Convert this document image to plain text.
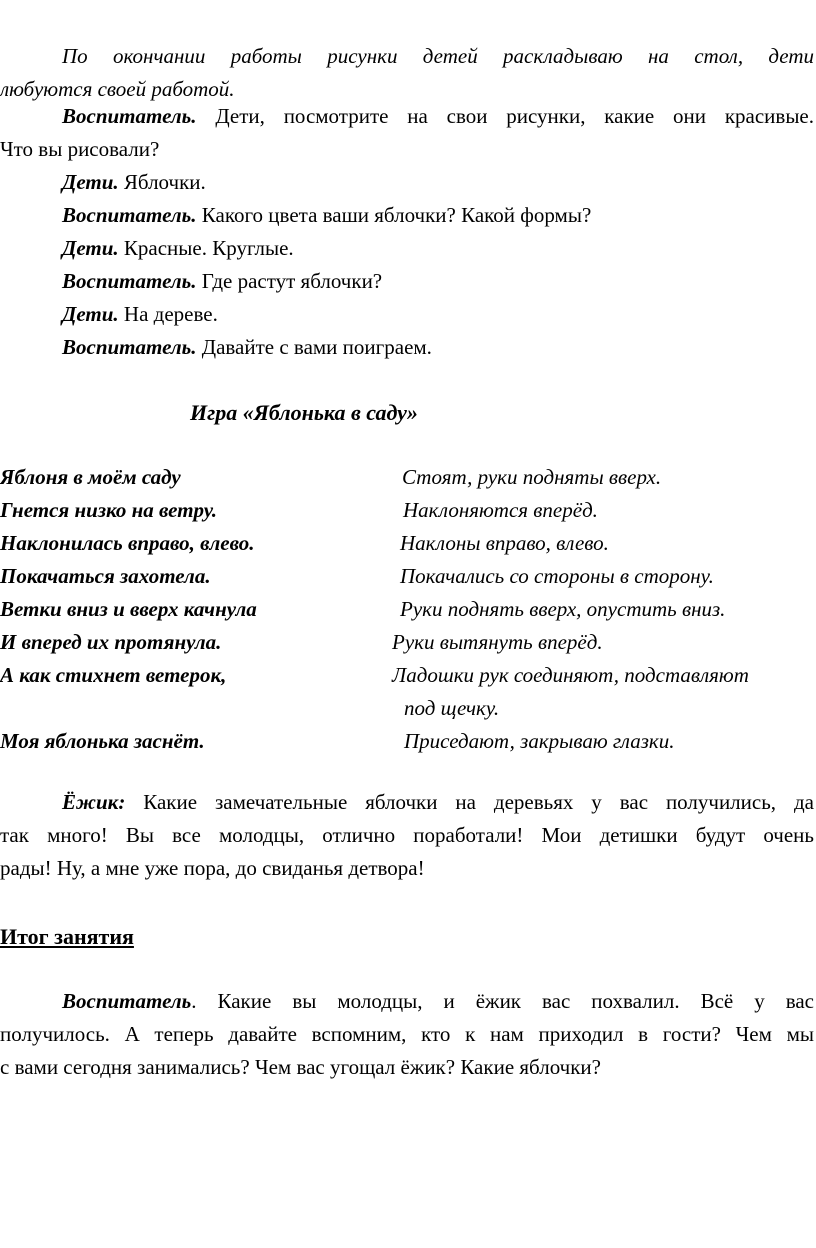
По окончании работы рисунки детей раскладываю на стол, дети
любуются своей работой.
Воспитатель. Дети, посмотрите на свои рисунки, какие они красивые.
Что вы рисовали?
Дети. Яблочки.
Воспитатель. Какого цвета ваши яблочки? Какой формы?
Дети. Красные. Круглые.
Воспитатель. Где растут яблочки?
Дети. На дереве.
Воспитатель. Давайте с вами поиграем.
Игра «Яблонька в саду»
Яблоня в моём саду	Стоят, руки подняты вверх.
Гнется низко на ветру.	Наклоняются вперёд.
Наклонилась вправо, влево.	Наклоны вправо, влево.
Покачаться захотела.	Покачались со стороны в сторону.
Ветки вниз и вверх качнула	Руки поднять вверх, опустить вниз.
И вперед их протянула.	Руки вытянуть вперёд.
А как стихнет ветерок,	Ладошки рук соединяют, подставляют
под щечку.
Моя яблонька заснёт.	Приседают, закрываю глазки.
Ёжик: Какие замечательные яблочки на деревьях у вас получились, да
так много! Вы все молодцы, отлично поработали! Мои детишки будут очень
рады! Ну, а мне уже пора, до свиданья детвора!
Итог занятия
Воспитатель. Какие вы молодцы, и ёжик вас похвалил. Всё у вас
получилось. А теперь давайте вспомним, кто к нам приходил в гости? Чем мы
с вами сегодня занимались? Чем вас угощал ёжик? Какие яблочки?
